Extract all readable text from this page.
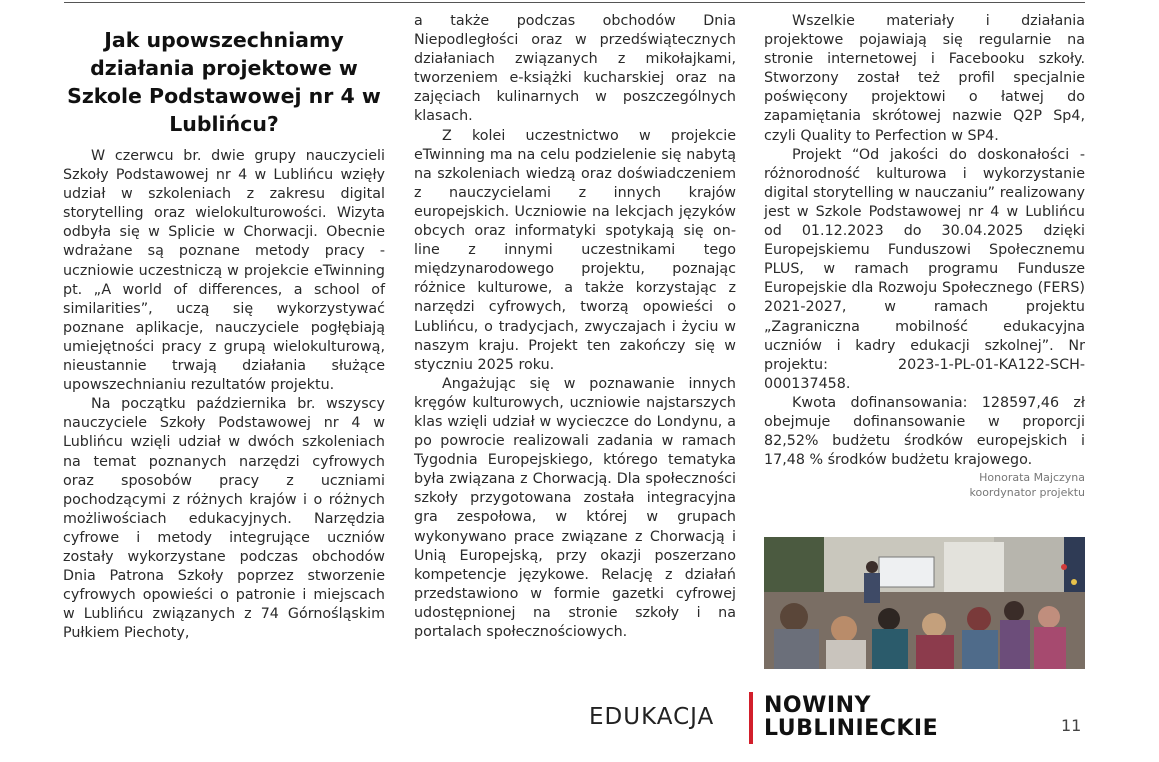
Jak upowszechniamy działania projektowe w Szkole Podstawowej nr 4 w Lublińcu?

W czerwcu br. dwie grupy nauczycieli Szkoły Podstawowej nr 4 w Lublińcu wzięły udział w szkoleniach z zakresu digital storytelling oraz wielokulturowości. Wizyta odbyła się w Splicie w Chorwacji. Obecnie wdrażane są poznane metody pracy - uczniowie uczestniczą w projekcie eTwinning pt. „A world of differences, a school of similarities”, uczą się wykorzystywać poznane aplikacje, nauczyciele pogłębiają umiejętności pracy z grupą wielokulturową, nieustannie trwają działania służące upowszechnianiu rezultatów projektu.

Na początku października br. wszyscy nauczyciele Szkoły Podstawowej nr 4 w Lublińcu wzięli udział w dwóch szkoleniach na temat poznanych narzędzi cyfrowych oraz sposobów pracy z uczniami pochodzącymi z różnych krajów i o różnych możliwościach edukacyjnych. Narzędzia cyfrowe i metody integrujące uczniów zostały wykorzystane podczas obchodów Dnia Patrona Szkoły poprzez stworzenie cyfrowych opowieści o patronie i miejscach w Lublińcu związanych z 74 Górnośląskim Pułkiem Piechoty,

a także podczas obchodów Dnia Niepodległości oraz w przedświątecznych działaniach związanych z mikołajkami, tworzeniem e-książki kucharskiej oraz na zajęciach kulinarnych w poszczególnych klasach.

Z kolei uczestnictwo w projekcie eTwinning ma na celu podzielenie się nabytą na szkoleniach wiedzą oraz doświadczeniem z nauczycielami z innych krajów europejskich. Uczniowie na lekcjach języków obcych oraz informatyki spotykają się on-line z innymi uczestnikami tego międzynarodowego projektu, poznając różnice kulturowe, a także korzystając z narzędzi cyfrowych, tworzą opowieści o Lublińcu, o tradycjach, zwyczajach i życiu w naszym kraju. Projekt ten zakończy się w styczniu 2025 roku.

Angażując się w poznawanie innych kręgów kulturowych, uczniowie najstarszych klas wzięli udział w wycieczce do Londynu, a po powrocie realizowali zadania w ramach Tygodnia Europejskiego, którego tematyka była związana z Chorwacją. Dla społeczności szkoły przygotowana została integracyjna gra zespołowa, w której w grupach wykonywano prace związane z Chorwacją i Unią Europejską, przy okazji poszerzano kompetencje językowe. Relację z działań przedstawiono w formie gazetki cyfrowej udostępnionej na stronie szkoły i na portalach społecznościowych.

Wszelkie materiały i działania projektowe pojawiają się regularnie na stronie internetowej i Facebooku szkoły. Stworzony został też profil specjalnie poświęcony projektowi o łatwej do zapamiętania skrótowej nazwie Q2P Sp4, czyli Quality to Perfection w SP4.

Projekt “Od jakości do doskonałości - różnorodność kulturowa i wykorzystanie digital storytelling w nauczaniu” realizowany jest w Szkole Podstawowej nr 4 w Lublińcu od 01.12.2023 do 30.04.2025 dzięki Europejskiemu Funduszowi Społecznemu PLUS, w ramach programu Fundusze Europejskie dla Rozwoju Społecznego (FERS) 2021-2027, w ramach projektu „Zagraniczna mobilność edukacyjna uczniów i kadry edukacji szkolnej”. Nr projektu: 2023-1-PL-01-KA122-SCH-000137458.

Kwota dofinansowania: 128597,46 zł obejmuje dofinansowanie w proporcji 82,52% budżetu środków europejskich i 17,48 % środków budżetu krajowego.

Honorata Majczyna
koordynator projektu
EDUKACJA NOWINY
LUBLINIECKIE	11
